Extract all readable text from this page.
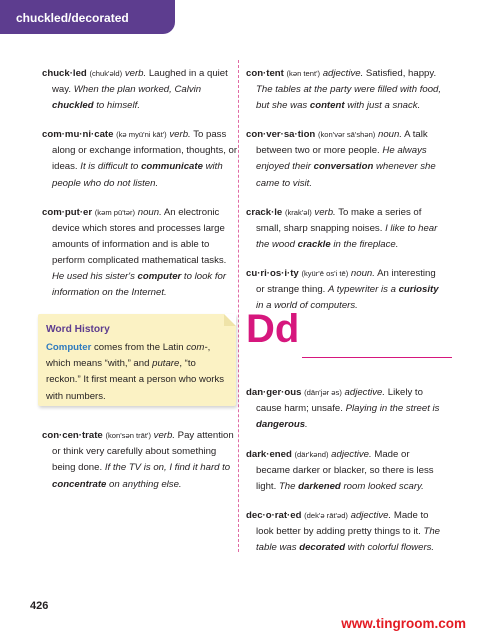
chuckled/decorated
chuck·led (chuk'əld) verb. Laughed in a quiet way. When the plan worked, Calvin chuckled to himself.
com·mu·ni·cate (kə myü'ni kāt') verb. To pass along or exchange information, thoughts, or ideas. It is difficult to communicate with people who do not listen.
com·put·er (kəm pū'tər) noun. An electronic device which stores and processes large amounts of information and is able to perform complicated mathematical tasks. He used his sister's computer to look for information on the Internet.
Word History
Computer comes from the Latin com-, which means “with,” and putare, “to reckon.” It first meant a person who works with numbers.
con·cen·trate (kon'sən trāt') verb. Pay attention or think very carefully about something being done. If the TV is on, I find it hard to concentrate on anything else.
con·tent (kən tent') adjective. Satisfied, happy. The tables at the party were filled with food, but she was content with just a snack.
con·ver·sa·tion (kon'vər sā'shən) noun. A talk between two or more people. He always enjoyed their conversation whenever she came to visit.
crack·le (krak'əl) verb. To make a series of small, sharp snapping noises. I like to hear the wood crackle in the fireplace.
cu·ri·os·i·ty (kyür'ē os'i tē) noun. An interesting or strange thing. A typewriter is a curiosity in a world of computers.
Dd
dan·ger·ous (dān'jər əs) adjective. Likely to cause harm; unsafe. Playing in the street is dangerous.
dark·ened (där'kənd) adjective. Made or became darker or blacker, so there is less light. The darkened room looked scary.
dec·o·rat·ed (dek'ə rāt'əd) adjective. Made to look better by adding pretty things to it. The table was decorated with colorful flowers.
426
www.tingroom.com
